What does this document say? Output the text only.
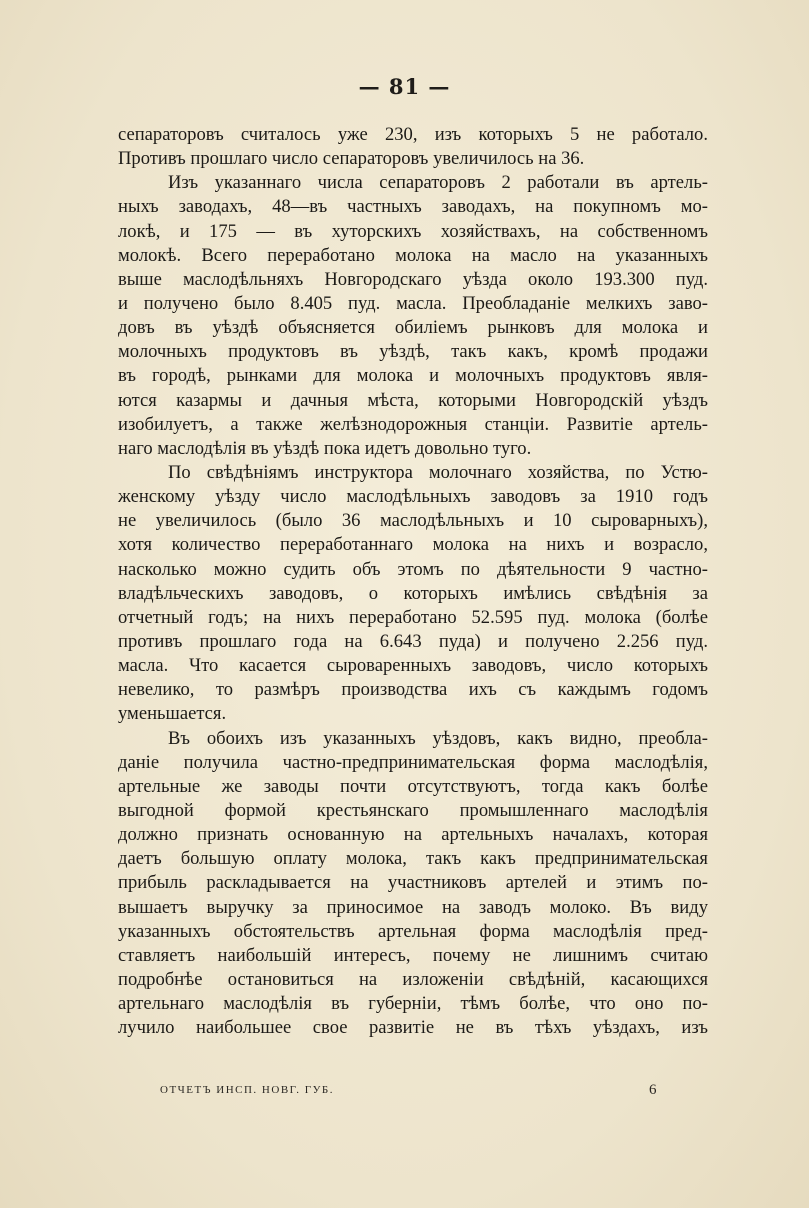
— 81 —
сепараторовъ считалось уже 230, изъ которыхъ 5 не работало.
Противъ прошлаго число сепараторовъ увеличилось на 36.
Изъ указаннаго числа сепараторовъ 2 работали въ артель-
ныхъ заводахъ, 48—въ частныхъ заводахъ, на покупномъ мо-
локѣ, и 175 — въ хуторскихъ хозяйствахъ, на собственномъ
молокѣ. Всего переработано молока на масло на указанныхъ
выше маслодѣльняхъ Новгородскаго уѣзда около 193.300 пуд.
и получено было 8.405 пуд. масла. Преобладаніе мелкихъ заво-
довъ въ уѣздѣ объясняется обиліемъ рынковъ для молока и
молочныхъ продуктовъ въ уѣздѣ, такъ какъ, кромѣ продажи
въ городѣ, рынками для молока и молочныхъ продуктовъ явля-
ются казармы и дачныя мѣста, которыми Новгородскій уѣздъ
изобилуетъ, а также желѣзнодорожныя станціи. Развитіе артель-
наго маслодѣлія въ уѣздѣ пока идетъ довольно туго.
По свѣдѣніямъ инструктора молочнаго хозяйства, по Устю-
женскому уѣзду число маслодѣльныхъ заводовъ за 1910 годъ
не увеличилось (было 36 маслодѣльныхъ и 10 сыроварныхъ),
хотя количество переработаннаго молока на нихъ и возрасло,
насколько можно судить объ этомъ по дѣятельности 9 частно-
владѣльческихъ заводовъ, о которыхъ имѣлись свѣдѣнія за
отчетный годъ; на нихъ переработано 52.595 пуд. молока (болѣе
противъ прошлаго года на 6.643 пуда) и получено 2.256 пуд.
масла. Что касается сыроваренныхъ заводовъ, число которыхъ
невелико, то размѣръ производства ихъ съ каждымъ годомъ
уменьшается.
Въ обоихъ изъ указанныхъ уѣздовъ, какъ видно, преобла-
даніе получила частно-предпринимательская форма маслодѣлія,
артельные же заводы почти отсутствуютъ, тогда какъ болѣе
выгодной формой крестьянскаго промышленнаго маслодѣлія
должно признать основанную на артельныхъ началахъ, которая
даетъ большую оплату молока, такъ какъ предпринимательская
прибыль раскладывается на участниковъ артелей и этимъ по-
вышаетъ выручку за приносимое на заводъ молоко. Въ виду
указанныхъ обстоятельствъ артельная форма маслодѣлія пред-
ставляетъ наибольшій интересъ, почему не лишнимъ считаю
подробнѣе остановиться на изложеніи свѣдѣній, касающихся
артельнаго маслодѣлія въ губерніи, тѣмъ болѣе, что оно по-
лучило наибольшее свое развитіе не въ тѣхъ уѣздахъ, изъ
ОТЧЕТЪ ИНСП. НОВГ. ГУБ.	6
